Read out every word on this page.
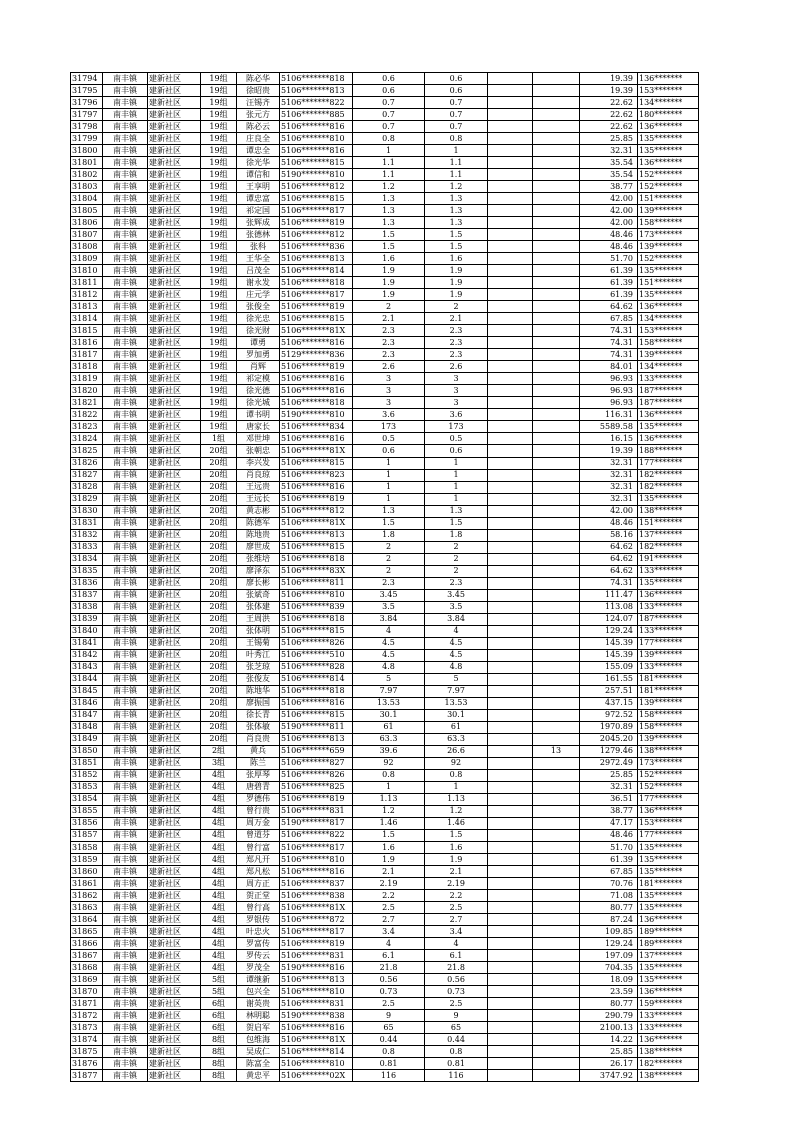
31794	南丰镇	建新社区	19组	陈必华	5106*******818	0.6	0.6			19.39	136*******
31795	南丰镇	建新社区	19组	徐昭贵	5106*******813	0.6	0.6			19.39	153*******
31796	南丰镇	建新社区	19组	汪锡齐	5106*******822	0.7	0.7			22.62	134*******
31797	南丰镇	建新社区	19组	张元方	5106*******885	0.7	0.7			22.62	180*******
31798	南丰镇	建新社区	19组	陈必云	5106*******816	0.7	0.7			22.62	136*******
31799	南丰镇	建新社区	19组	庄良全	5106*******810	0.8	0.8			25.85	135*******
31800	南丰镇	建新社区	19组	谭忠全	5106*******816	1	1			32.31	135*******
31801	南丰镇	建新社区	19组	徐光华	5106*******815	1.1	1.1			35.54	136*******
31802	南丰镇	建新社区	19组	谭信和	5190*******810	1.1	1.1			35.54	152*******
31803	南丰镇	建新社区	19组	王享明	5106*******812	1.2	1.2			38.77	152*******
31804	南丰镇	建新社区	19组	谭忠富	5106*******815	1.3	1.3			42.00	151*******
31805	南丰镇	建新社区	19组	祁定国	5106*******817	1.3	1.3			42.00	139*******
31806	南丰镇	建新社区	19组	张辉成	5106*******819	1.3	1.3			42.00	158*******
31807	南丰镇	建新社区	19组	张德林	5106*******812	1.5	1.5			48.46	173*******
31808	南丰镇	建新社区	19组	张科	5106*******836	1.5	1.5			48.46	139*******
31809	南丰镇	建新社区	19组	王华全	5106*******813	1.6	1.6			51.70	152*******
31810	南丰镇	建新社区	19组	吕茂全	5106*******814	1.9	1.9			61.39	135*******
31811	南丰镇	建新社区	19组	谢永发	5106*******818	1.9	1.9			61.39	151*******
31812	南丰镇	建新社区	19组	庄元学	5106*******817	1.9	1.9			61.39	135*******
31813	南丰镇	建新社区	19组	张俊全	5106*******819	2	2			64.62	136*******
31814	南丰镇	建新社区	19组	徐光忠	5106*******815	2.1	2.1			67.85	134*******
31815	南丰镇	建新社区	19组	徐光财	5106*******81X	2.3	2.3			74.31	153*******
31816	南丰镇	建新社区	19组	谭勇	5106*******816	2.3	2.3			74.31	158*******
31817	南丰镇	建新社区	19组	罗加勇	5129*******836	2.3	2.3			74.31	139*******
31818	南丰镇	建新社区	19组	肖辉	5106*******819	2.6	2.6			84.01	134*******
31819	南丰镇	建新社区	19组	祁定模	5106*******816	3	3			96.93	133*******
31820	南丰镇	建新社区	19组	徐光德	5106*******816	3	3			96.93	187*******
31821	南丰镇	建新社区	19组	徐光城	5106*******818	3	3			96.93	187*******
31822	南丰镇	建新社区	19组	谭书明	5190*******810	3.6	3.6			116.31	136*******
31823	南丰镇	建新社区	19组	唐家长	5106*******834	173	173			5589.58	135*******
31824	南丰镇	建新社区	1组	邓世坤	5106*******816	0.5	0.5			16.15	136*******
31825	南丰镇	建新社区	20组	张朝忠	5106*******81X	0.6	0.6			19.39	188*******
31826	南丰镇	建新社区	20组	李兴发	5106*******815	1	1			32.31	177*******
31827	南丰镇	建新社区	20组	肖良琼	5106*******823	1	1			32.31	182*******
31828	南丰镇	建新社区	20组	王远贵	5106*******816	1	1			32.31	182*******
31829	南丰镇	建新社区	20组	王远长	5106*******819	1	1			32.31	135*******
31830	南丰镇	建新社区	20组	黄志彬	5106*******812	1.3	1.3			42.00	138*******
31831	南丰镇	建新社区	20组	陈德军	5106*******81X	1.5	1.5			48.46	151*******
31832	南丰镇	建新社区	20组	陈地贵	5106*******813	1.8	1.8			58.16	137*******
31833	南丰镇	建新社区	20组	廖世成	5106*******815	2	2			64.62	182*******
31834	南丰镇	建新社区	20组	张维培	5106*******818	2	2			64.62	191*******
31835	南丰镇	建新社区	20组	廖泽东	5106*******83X	2	2			64.62	133*******
31836	南丰镇	建新社区	20组	廖长彬	5106*******811	2.3	2.3			74.31	135*******
31837	南丰镇	建新社区	20组	张斌奇	5106*******810	3.45	3.45			111.47	136*******
31838	南丰镇	建新社区	20组	张体建	5106*******839	3.5	3.5			113.08	133*******
31839	南丰镇	建新社区	20组	王周洪	5106*******818	3.84	3.84			124.07	187*******
31840	南丰镇	建新社区	20组	张体明	5106*******815	4	4			129.24	133*******
31841	南丰镇	建新社区	20组	王锡菊	5106*******826	4.5	4.5			145.39	177*******
31842	南丰镇	建新社区	20组	叶秀江	5106*******510	4.5	4.5			145.39	139*******
31843	南丰镇	建新社区	20组	张芝琼	5106*******828	4.8	4.8			155.09	133*******
31844	南丰镇	建新社区	20组	张俊友	5106*******814	5	5			161.55	181*******
31845	南丰镇	建新社区	20组	陈地华	5106*******818	7.97	7.97			257.51	181*******
31846	南丰镇	建新社区	20组	廖振国	5106*******816	13.53	13.53			437.15	139*******
31847	南丰镇	建新社区	20组	徐长青	5106*******815	30.1	30.1			972.52	158*******
31848	南丰镇	建新社区	20组	张体敏	5190*******811	61	61			1970.89	158*******
31849	南丰镇	建新社区	20组	肖良贵	5106*******813	63.3	63.3			2045.20	139*******
31850	南丰镇	建新社区	2组	黄兵	5106*******659	39.6	26.6		13	1279.46	138*******
31851	南丰镇	建新社区	3组	陈兰	5106*******827	92	92			2972.49	173*******
31852	南丰镇	建新社区	4组	张厚琴	5106*******826	0.8	0.8			25.85	152*******
31853	南丰镇	建新社区	4组	唐碧青	5106*******825	1	1			32.31	152*******
31854	南丰镇	建新社区	4组	罗德伟	5106*******819	1.13	1.13			36.51	177*******
31855	南丰镇	建新社区	4组	曾行贵	5106*******831	1.2	1.2			38.77	136*******
31856	南丰镇	建新社区	4组	周万金	5190*******817	1.46	1.46			47.17	153*******
31857	南丰镇	建新社区	4组	曾道芬	5106*******822	1.5	1.5			48.46	177*******
31858	南丰镇	建新社区	4组	曾行富	5106*******817	1.6	1.6			51.70	135*******
31859	南丰镇	建新社区	4组	郑凡开	5106*******810	1.9	1.9			61.39	135*******
31860	南丰镇	建新社区	4组	郑凡松	5106*******816	2.1	2.1			67.85	135*******
31861	南丰镇	建新社区	4组	周方正	5106*******837	2.19	2.19			70.76	181*******
31862	南丰镇	建新社区	4组	贺正堂	5106*******838	2.2	2.2			71.08	135*******
31863	南丰镇	建新社区	4组	曾行高	5106*******81X	2.5	2.5			80.77	135*******
31864	南丰镇	建新社区	4组	罗银传	5106*******872	2.7	2.7			87.24	136*******
31865	南丰镇	建新社区	4组	叶忠火	5106*******817	3.4	3.4			109.85	189*******
31866	南丰镇	建新社区	4组	罗富传	5106*******819	4	4			129.24	189*******
31867	南丰镇	建新社区	4组	罗传云	5106*******831	6.1	6.1			197.09	137*******
31868	南丰镇	建新社区	4组	罗茂全	5190*******816	21.8	21.8			704.35	135*******
31869	南丰镇	建新社区	5组	谭继新	5106*******813	0.56	0.56			18.09	135*******
31870	南丰镇	建新社区	5组	包兴全	5106*******810	0.73	0.73			23.59	136*******
31871	南丰镇	建新社区	6组	谢英贵	5106*******831	2.5	2.5			80.77	159*******
31872	南丰镇	建新社区	6组	林明聪	5190*******838	9	9			290.79	133*******
31873	南丰镇	建新社区	6组	贺启军	5106*******816	65	65			2100.13	133*******
31874	南丰镇	建新社区	8组	包维海	5106*******81X	0.44	0.44			14.22	136*******
31875	南丰镇	建新社区	8组	吴成仁	5106*******814	0.8	0.8			25.85	138*******
31876	南丰镇	建新社区	8组	陈富全	5106*******810	0.81	0.81			26.17	182*******
31877	南丰镇	建新社区	8组	黄忠平	5106*******02X	116	116			3747.92	138*******
